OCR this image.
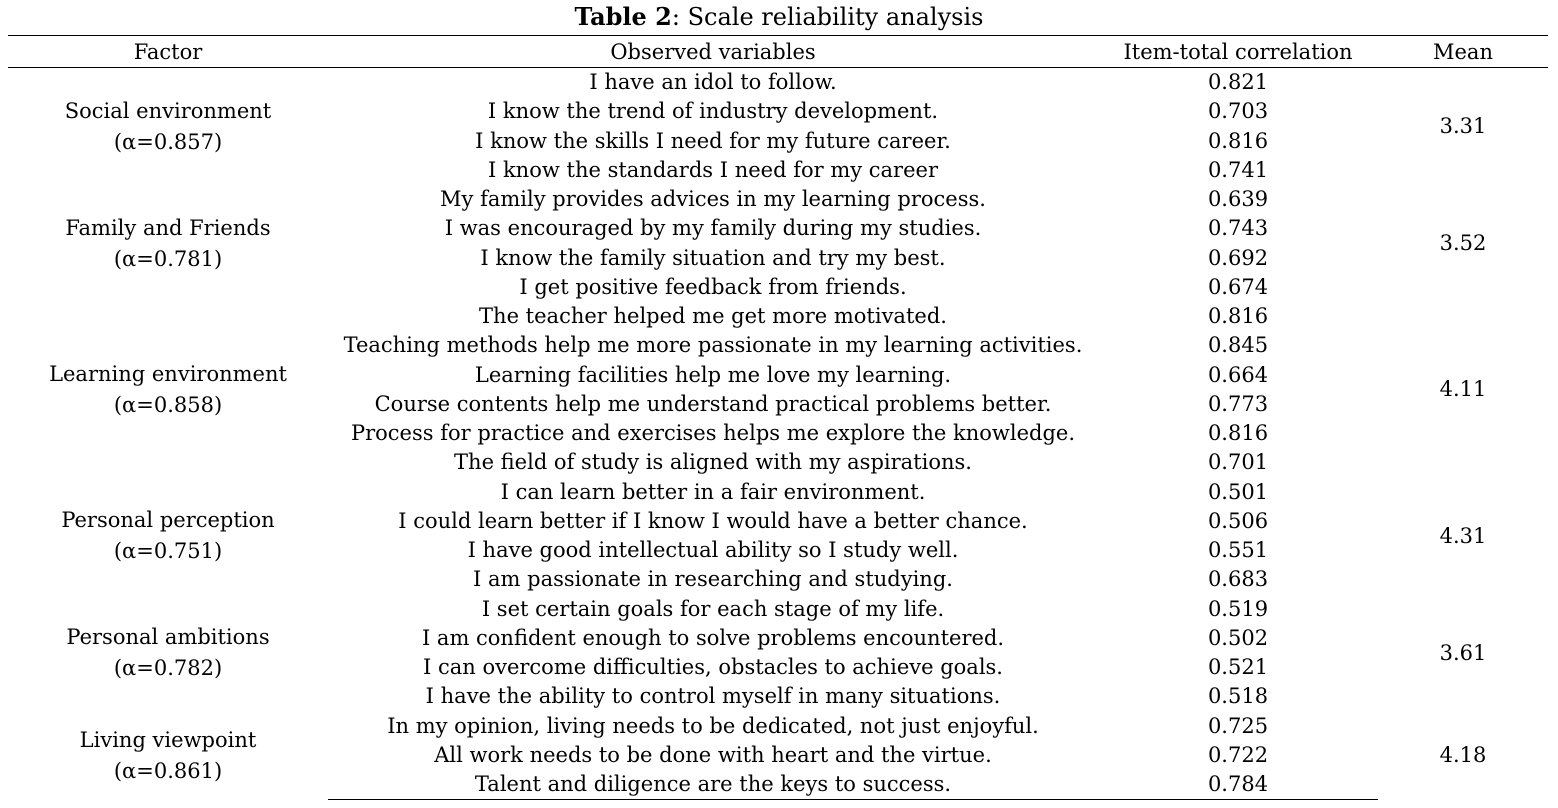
Table 2: Scale reliability analysis
Factor	Observed variables	Item-total correlation	Mean

Social environment
(α=0.857)	I have an idol to follow.	0.821	3.31
	I know the trend of industry development.	0.703	
	I know the skills I need for my future career.	0.816	
	I know the standards I need for my career	0.741	

Family and Friends
(α=0.781)	My family provides advices in my learning process.	0.639	3.52
	I was encouraged by my family during my studies.	0.743	
	I know the family situation and try my best.	0.692	
	I get positive feedback from friends.	0.674	

Learning environment
(α=0.858)	The teacher helped me get more motivated.	0.816	4.11
	Teaching methods help me more passionate in my learning activities.	0.845	
	Learning facilities help me love my learning.	0.664	
	Course contents help me understand practical problems better.	0.773	
	Process for practice and exercises helps me explore the knowledge.	0.816	
	The field of study is aligned with my aspirations.	0.701	

Personal perception
(α=0.751)	I can learn better in a fair environment.	0.501	4.31
	I could learn better if I know I would have a better chance.	0.506	
	I have good intellectual ability so I study well.	0.551	
	I am passionate in researching and studying.	0.683	

Personal ambitions
(α=0.782)	I set certain goals for each stage of my life.	0.519	3.61
	I am confident enough to solve problems encountered.	0.502	
	I can overcome difficulties, obstacles to achieve goals.	0.521	
	I have the ability to control myself in many situations.	0.518	

Living viewpoint
(α=0.861)	In my opinion, living needs to be dedicated, not just enjoyful.	0.725	4.18
	All work needs to be done with heart and the virtue.	0.722	
	Talent and diligence are the keys to success.	0.784	
